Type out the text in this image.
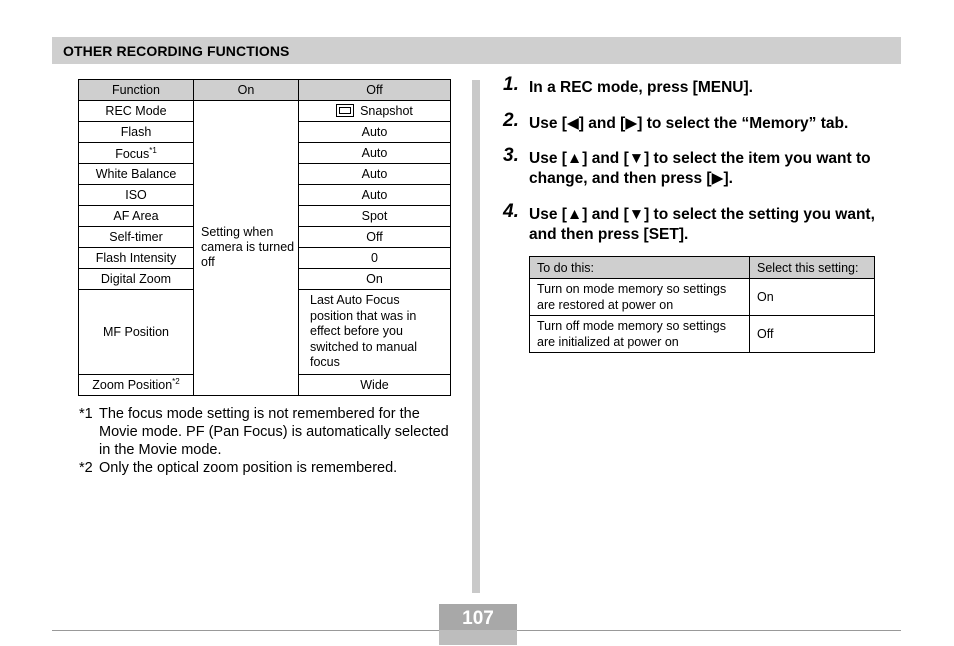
OTHER RECORDING FUNCTIONS
Function	On	Off
REC Mode	Setting when camera is turned off	Snapshot
Flash		Auto
Focus$^{*1}$		Auto
White Balance		Auto
ISO		Auto
AF Area		Spot
Self-timer		Off
Flash Intensity		0
Digital Zoom		On
MF Position		Last Auto Focus position that was in effect before you switched to manual focus
Zoom Position$^{*2}$		Wide
*1 The focus mode setting is not remembered for the Movie mode. PF (Pan Focus) is automatically selected in the Movie mode.
*2 Only the optical zoom position is remembered.
1. In a REC mode, press [MENU].
2. Use [◀] and [▶] to select the “Memory” tab.
3. Use [▲] and [▼] to select the item you want to change, and then press [▶].
4. Use [▲] and [▼] to select the setting you want, and then press [SET].
To do this:	Select this setting:
Turn on mode memory so settings are restored at power on	On
Turn off mode memory so settings are initialized at power on	Off
107
